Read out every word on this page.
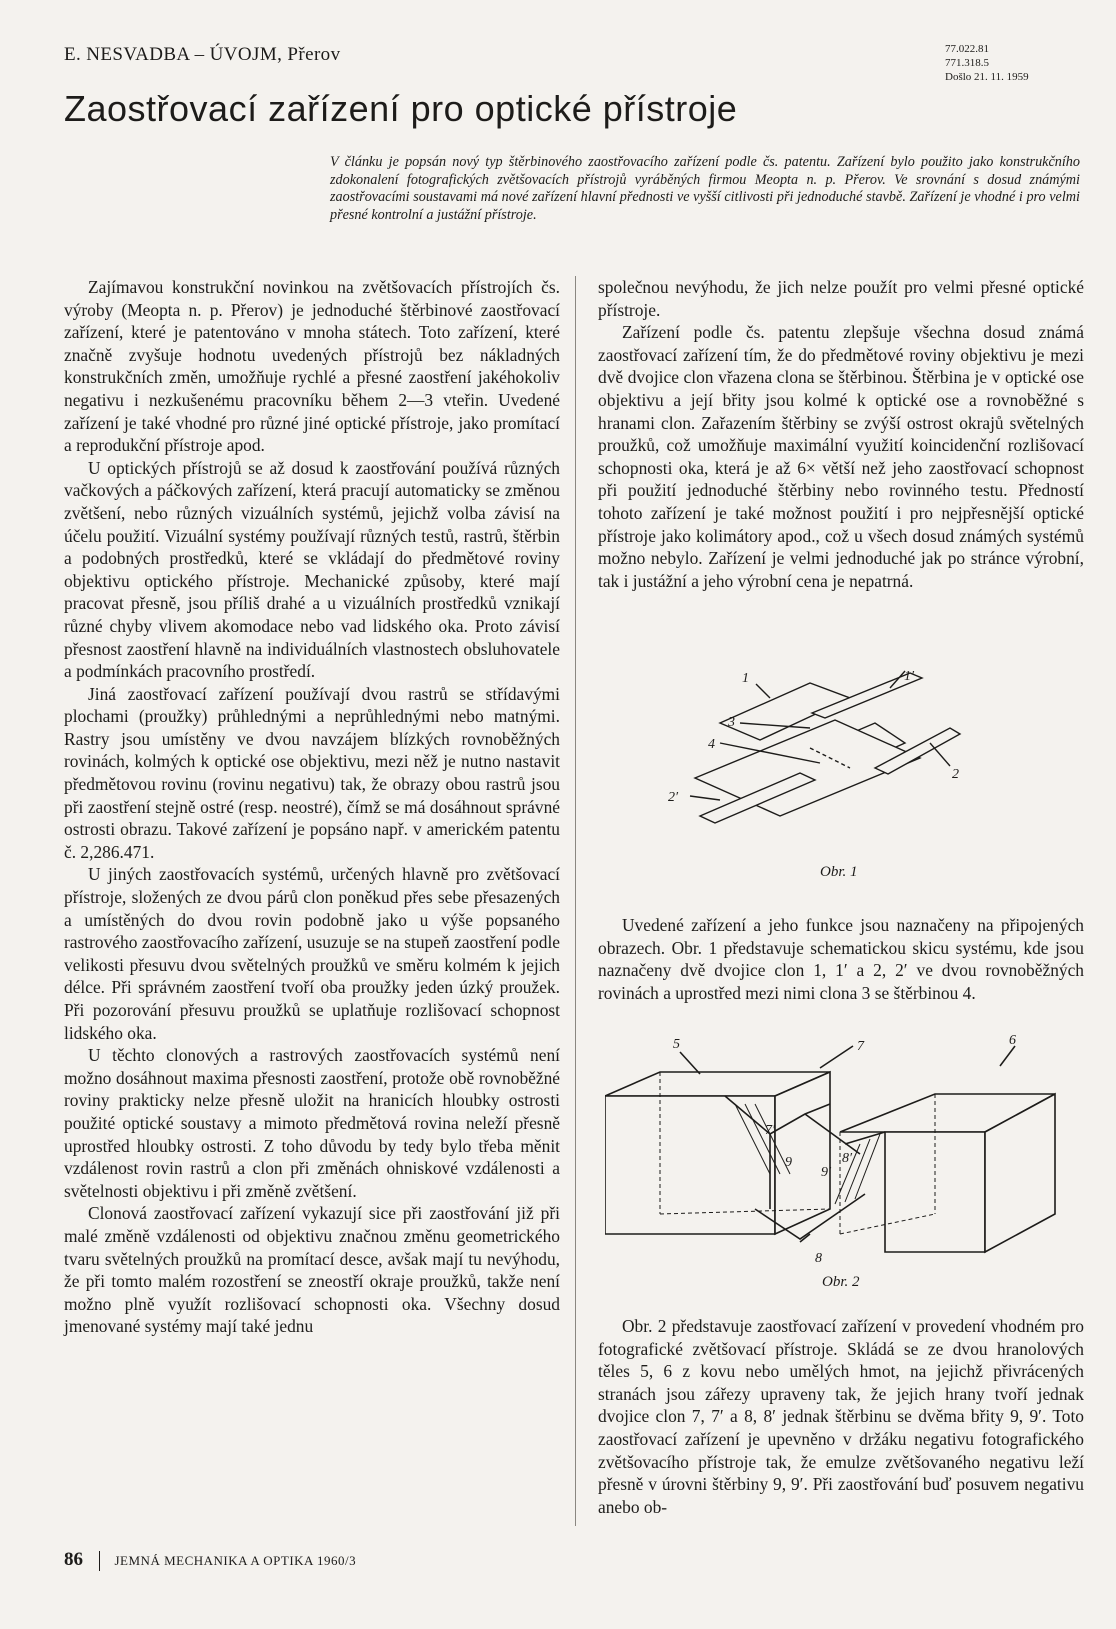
E. NESVADBA – ÚVOJM, Přerov	77.022.81
771.318.5
Došlo 21. 11. 1959
Zaostřovací zařízení pro optické přístroje
V článku je popsán nový typ štěrbinového zaostřovacího zařízení podle čs. patentu. Zařízení bylo použito jako konstrukčního zdokonalení fotografických zvětšovacích přístrojů vyráběných firmou Meopta n. p. Přerov. Ve srovnání s dosud známými zaostřovacími soustavami má nové zařízení hlavní přednosti ve vyšší citlivosti při jednoduché stavbě. Zařízení je vhodné i pro velmi přesné kontrolní a justážní přístroje.

Zajímavou konstrukční novinkou na zvětšovacích přístrojích čs. výroby (Meopta n. p. Přerov) je jednoduché štěrbinové zaostřovací zařízení, které je patentováno v mnoha státech. Toto zařízení, které značně zvyšuje hodnotu uvedených přístrojů bez nákladných konstrukčních změn, umožňuje rychlé a přesné zaostření jakéhokoliv negativu i nezkušenému pracovníku během 2—3 vteřin. Uvedené zařízení je také vhodné pro různé jiné optické přístroje, jako promítací a reprodukční přístroje apod.

U optických přístrojů se až dosud k zaostřování používá různých vačkových a páčkových zařízení, která pracují automaticky se změnou zvětšení, nebo různých vizuálních systémů, jejichž volba závisí na účelu použití. Vizuální systémy používají různých testů, rastrů, štěrbin a podobných prostředků, které se vkládají do předmětové roviny objektivu optického přístroje. Mechanické způsoby, které mají pracovat přesně, jsou příliš drahé a u vizuálních prostředků vznikají různé chyby vlivem akomodace nebo vad lidského oka. Proto závisí přesnost zaostření hlavně na individuálních vlastnostech obsluhovatele a podmínkách pracovního prostředí.

Jiná zaostřovací zařízení používají dvou rastrů se střídavými plochami (proužky) průhlednými a neprůhlednými nebo matnými. Rastry jsou umístěny ve dvou navzájem blízkých rovnoběžných rovinách, kolmých k optické ose objektivu, mezi něž je nutno nastavit předmětovou rovinu (rovinu negativu) tak, že obrazy obou rastrů jsou při zaostření stejně ostré (resp. neostré), čímž se má dosáhnout správné ostrosti obrazu. Takové zařízení je popsáno např. v americkém patentu č. 2,286.471.

U jiných zaostřovacích systémů, určených hlavně pro zvětšovací přístroje, složených ze dvou párů clon poněkud přes sebe přesazených a umístěných do dvou rovin podobně jako u výše popsaného rastrového zaostřovacího zařízení, usuzuje se na stupeň zaostření podle velikosti přesuvu dvou světelných proužků ve směru kolmém k jejich délce. Při správném zaostření tvoří oba proužky jeden úzký proužek. Při pozorování přesuvu proužků se uplatňuje rozlišovací schopnost lidského oka.

U těchto clonových a rastrových zaostřovacích systémů není možno dosáhnout maxima přesnosti zaostření, protože obě rovnoběžné roviny prakticky nelze přesně uložit na hranicích hloubky ostrosti použité optické soustavy a mimoto předmětová rovina neleží přesně uprostřed hloubky ostrosti. Z toho důvodu by tedy bylo třeba měnit vzdálenost rovin rastrů a clon při změnách ohniskové vzdálenosti a světelnosti objektivu i při změně zvětšení.

Clonová zaostřovací zařízení vykazují sice při zaostřování již při malé změně vzdálenosti od objektivu značnou změnu geometrického tvaru světelných proužků na promítací desce, avšak mají tu nevýhodu, že při tomto malém rozostření se zneostří okraje proužků, takže není možno plně využít rozlišovací schopnosti oka. Všechny dosud jmenované systémy mají také jednu

společnou nevýhodu, že jich nelze použít pro velmi přesné optické přístroje.

Zařízení podle čs. patentu zlepšuje všechna dosud známá zaostřovací zařízení tím, že do předmětové roviny objektivu je mezi dvě dvojice clon vřazena clona se štěrbinou. Štěrbina je v optické ose objektivu a její břity jsou kolmé k optické ose a rovnoběžné s hranami clon. Zařazením štěrbiny se zvýší ostrost okrajů světelných proužků, což umožňuje maximální využití koincidenční rozlišovací schopnosti oka, která je až 6× větší než jeho zaostřovací schopnost při použití jednoduché štěrbiny nebo rovinného testu. Předností tohoto zařízení je také možnost použití i pro nejpřesnější optické přístroje jako kolimátory apod., což u všech dosud známých systémů možno nebylo. Zařízení je velmi jednoduché jak po stránce výrobní, tak i justážní a jeho výrobní cena je nepatrná.

1	1′
3
4
2
2′
Obr. 1

Uvedené zařízení a jeho funkce jsou naznačeny na připojených obrazech. Obr. 1 představuje schematickou skicu systému, kde jsou naznačeny dvě dvojice clon 1, 1′ a 2, 2′ ve dvou rovnoběžných rovinách a uprostřed mezi nimi clona 3 se štěrbinou 4.

5	6
7
7′
8
8′
9
9′
Obr. 2

Obr. 2 představuje zaostřovací zařízení v provedení vhodném pro fotografické zvětšovací přístroje. Skládá se ze dvou hranolových těles 5, 6 z kovu nebo umělých hmot, na jejichž přivrácených stranách jsou zářezy upraveny tak, že jejich hrany tvoří jednak dvojice clon 7, 7′ a 8, 8′ jednak štěrbinu se dvěma břity 9, 9′. Toto zaostřovací zařízení je upevněno v držáku negativu fotografického zvětšovacího přístroje tak, že emulze zvětšovaného negativu leží přesně v úrovni štěrbiny 9, 9′. Při zaostřování buď posuvem negativu anebo ob-

86 JEMNÁ MECHANIKA A OPTIKA 1960/3
